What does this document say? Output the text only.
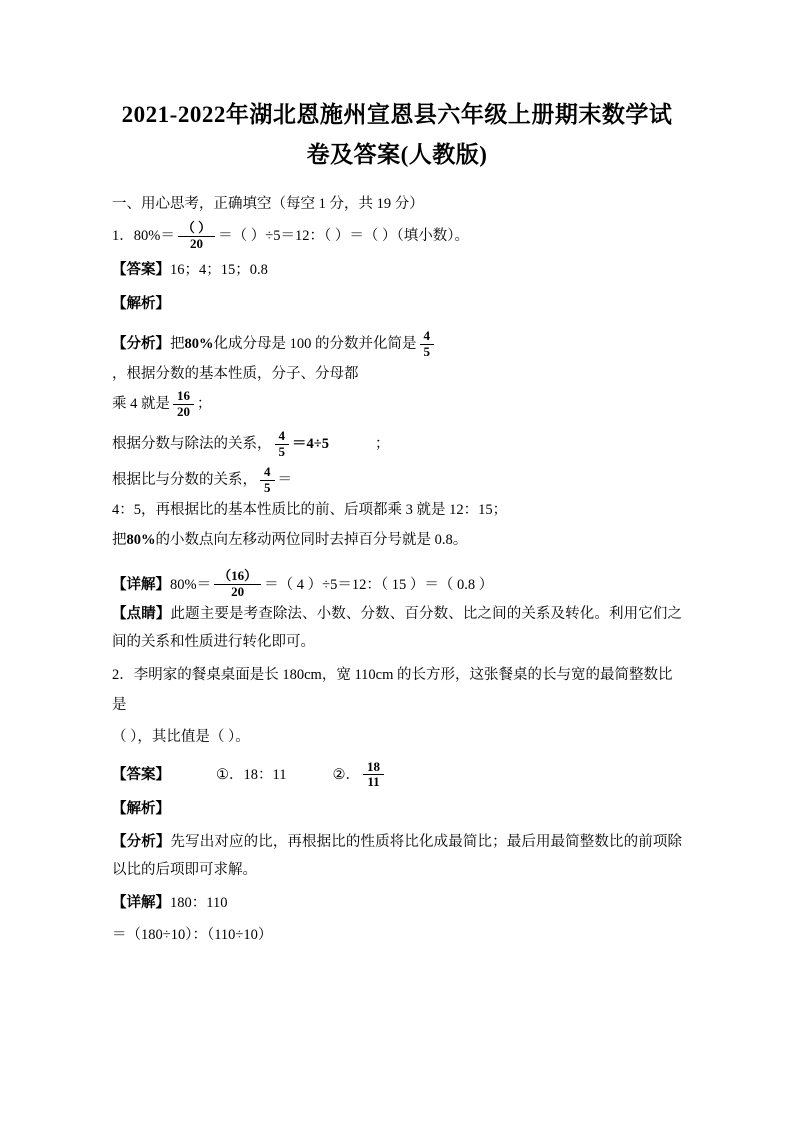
2021-2022年湖北恩施州宣恩县六年级上册期末数学试卷及答案(人教版)
一、用心思考，正确填空（每空 1 分，共 19 分）
1． $80\%= \frac{( )}{20}$ ＝（ ）÷5＝12：（ ）＝（ ）（填小数）。
【答案】16；4；15；0.8
【解析】
【分析】 把 80% 化成分母是 100 的分数并化简是 $\frac{4}{5}$
，根据分数的基本性质，分子、分母都
乘 4 就是 $\frac{16}{20}$ ；
根据分数与除法的关系， $\frac{4}{5} =4\div 5$	；
根据比与分数的关系， $\frac{4}{5}$ ＝
4：5，再根据比的基本性质比的前、后项都乘 3 就是 12：15；
把 80% 的小数点向左移动两位同时去掉百分号就是 0.8。
【详解】 $80\%= \frac{(16)}{20}$ ＝（ 4 ）÷5＝12：（ 15 ）＝（ 0.8 ）
【点睛】此题主要是考查除法、小数、分数、百分数、比之间的关系及转化。利用它们之间的关系和性质进行转化即可。
2．李明家的餐桌桌面是长 180cm，宽 110cm 的长方形，这张餐桌的长与宽的最简整数比是
（ ），其比值是（ ）。
【答案】	①．18：11	②． $\frac{18}{11}$
【解析】
【分析】先写出对应的比，再根据比的性质将比化成最简比；最后用最简整数比的前项除以比的后项即可求解。
【详解】180：110
＝（180÷10）：（110÷10）
